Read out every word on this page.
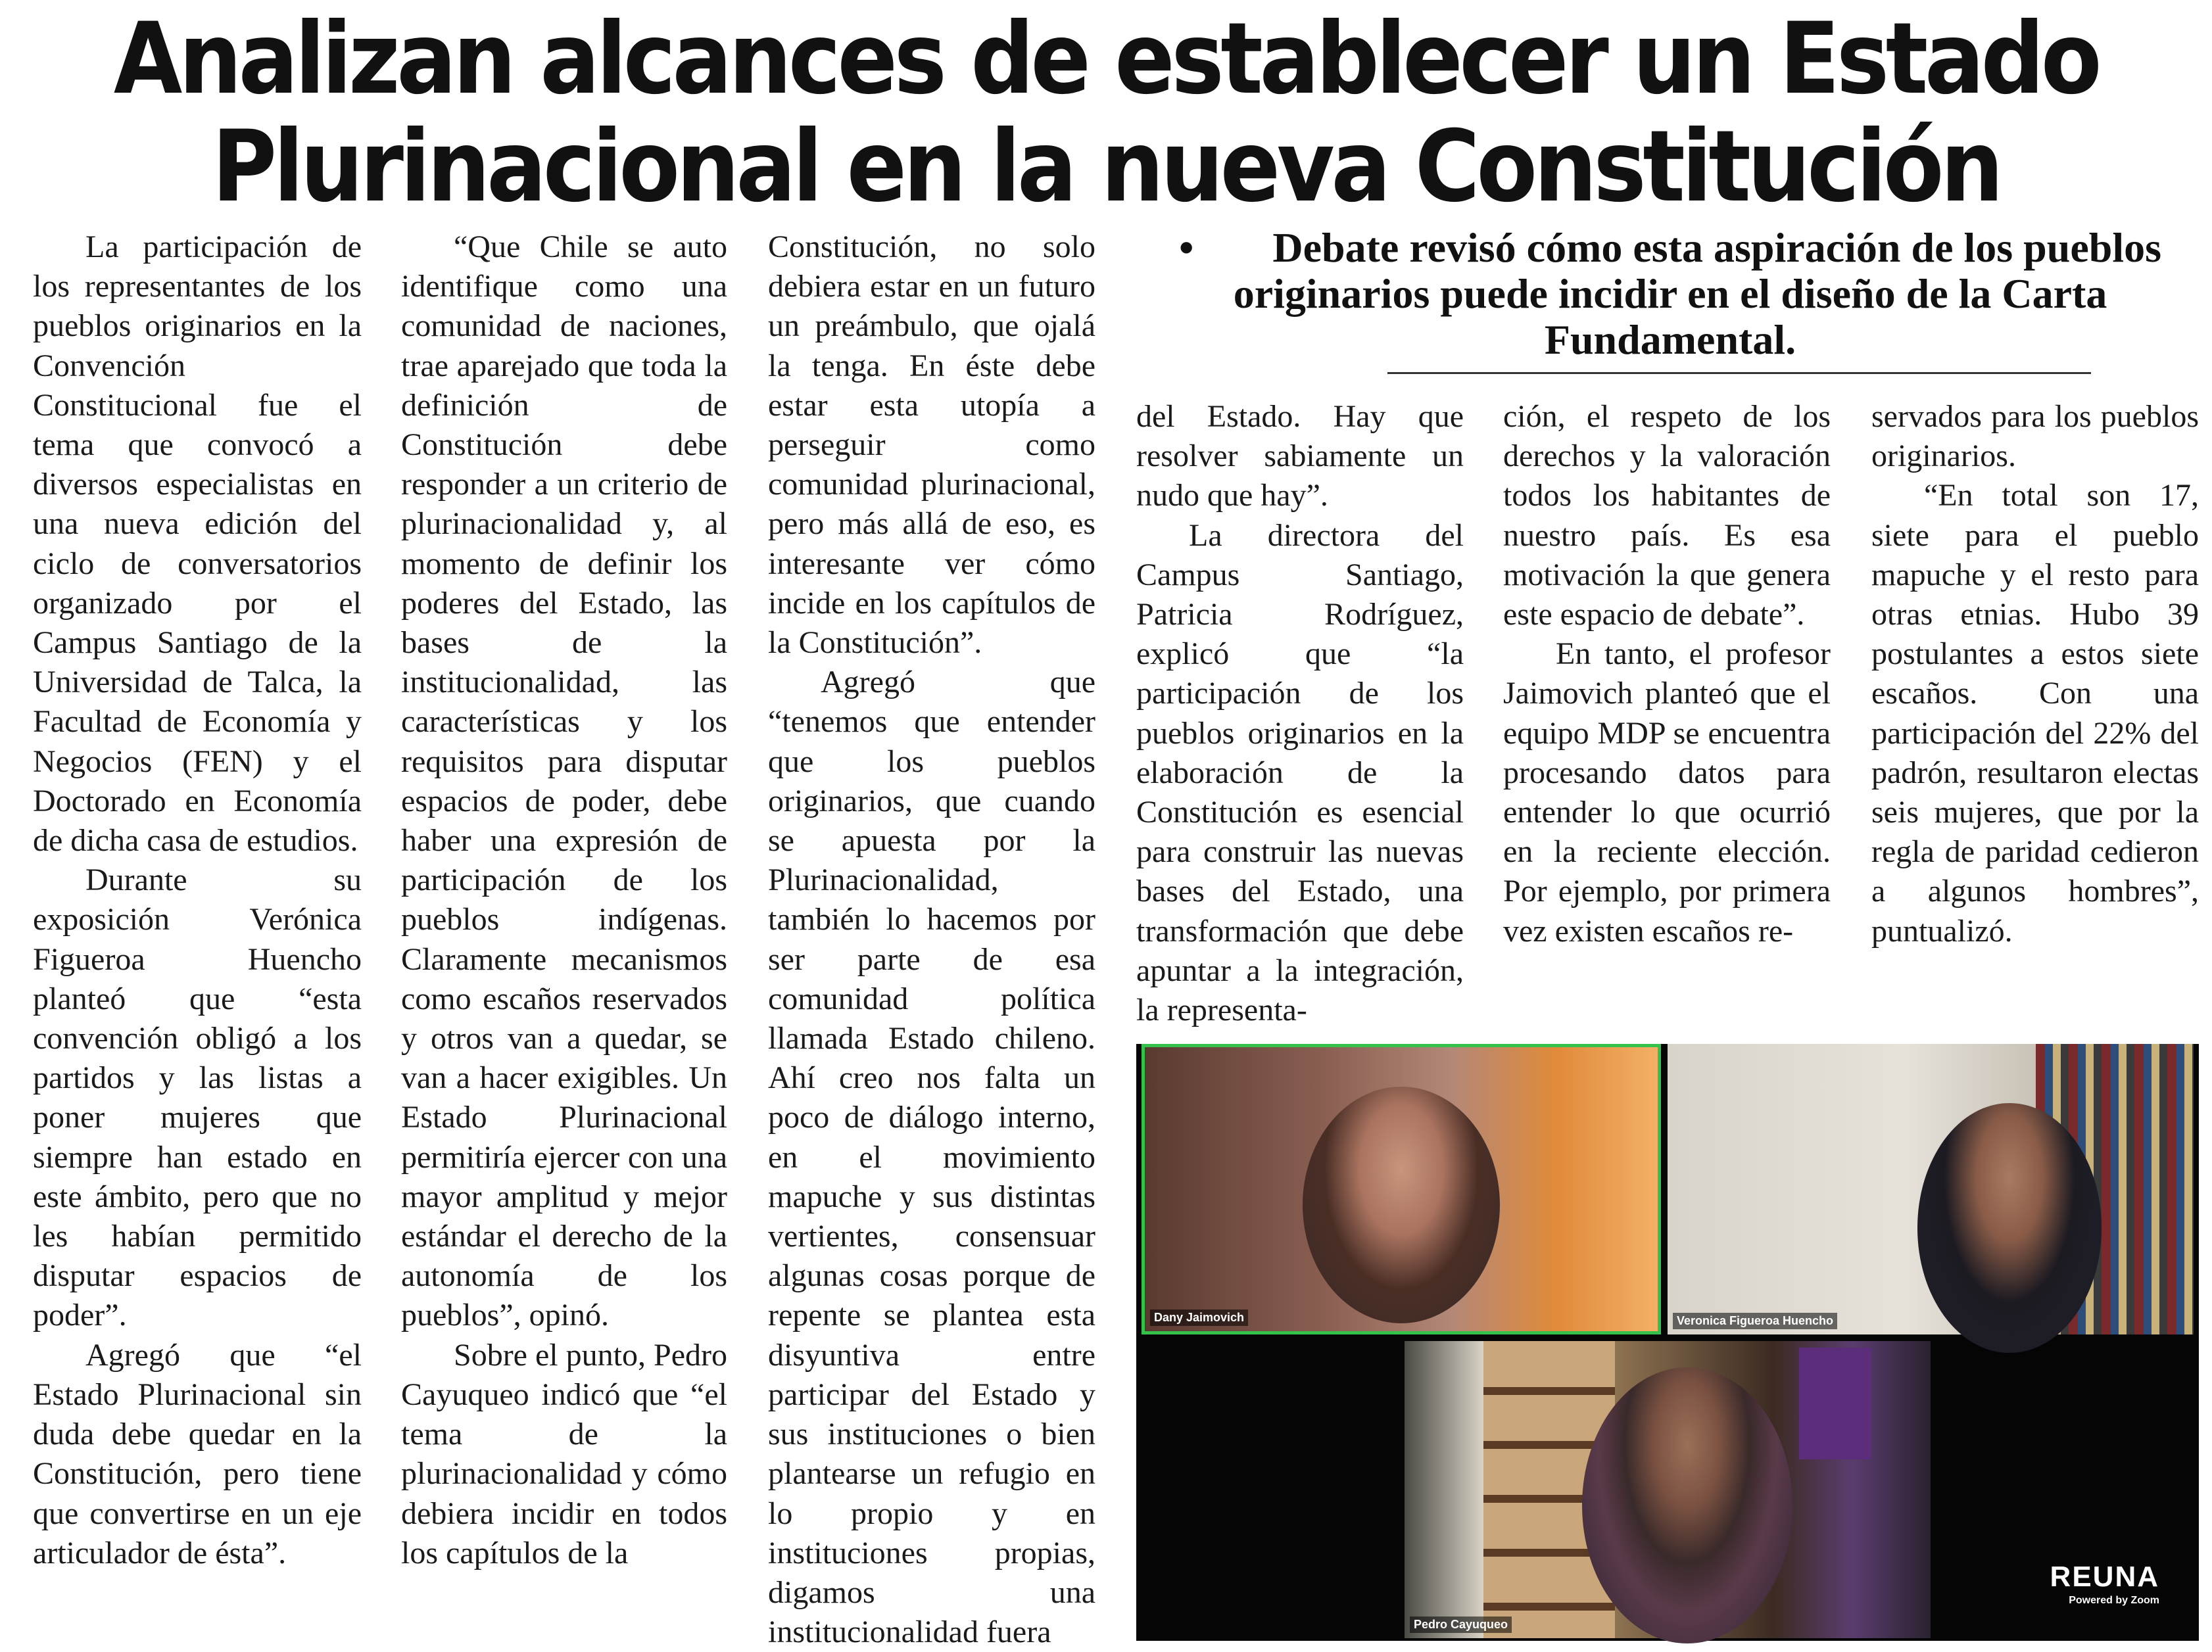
Analizan alcances de establecer un Estado
Plurinacional en la nueva Constitución

La participación de los representantes de los pueblos originarios en la Convención Constitucional fue el tema que convocó a diversos especialistas en una nueva edición del ciclo de conversatorios organizado por el Campus Santiago de la Universidad de Talca, la Facultad de Economía y Negocios (FEN) y el Doctorado en Economía de dicha casa de estudios.

Durante su exposición Verónica Figueroa Huencho planteó que “esta convención obligó a los partidos y las listas a poner mujeres que siempre han estado en este ámbito, pero que no les habían permitido disputar espacios de poder”.

Agregó que “el Estado Plurinacional sin duda debe quedar en la Constitución, pero tiene que convertirse en un eje articulador de ésta”.

“Que Chile se auto identifique como una comunidad de naciones, trae aparejado que toda la definición de Constitución debe responder a un criterio de plurinacionalidad y, al momento de definir los poderes del Estado, las bases de la institucionalidad, las características y los requisitos para disputar espacios de poder, debe haber una expresión de participación de los pueblos indígenas. Claramente mecanismos como escaños reservados y otros van a quedar, se van a hacer exigibles. Un Estado Plurinacional permitiría ejercer con una mayor amplitud y mejor estándar el derecho de la autonomía de los pueblos”, opinó.

Sobre el punto, Pedro Cayuqueo indicó que “el tema de la plurinacionalidad y cómo debiera incidir en todos los capítulos de la

Constitución, no solo debiera estar en un futuro un preámbulo, que ojalá la tenga. En éste debe estar esta utopía a perseguir como comunidad plurinacional, pero más allá de eso, es interesante ver cómo incide en los capítulos de la Constitución”.

Agregó que “tenemos que entender que los pueblos originarios, que cuando se apuesta por la Plurinacionalidad, también lo hacemos por ser parte de esa comunidad política llamada Estado chileno. Ahí creo nos falta un poco de diálogo interno, en el movimiento mapuche y sus distintas vertientes, consensuar algunas cosas porque de repente se plantea esta disyuntiva entre participar del Estado y sus instituciones o bien plantearse un refugio en lo propio y en instituciones propias, digamos una institucionalidad fuera

• Debate revisó cómo esta aspiración de los pueblos originarios puede incidir en el diseño de la Carta Fundamental.

del Estado. Hay que resolver sabiamente un nudo que hay”.

La directora del Campus Santiago, Patricia Rodríguez, explicó que “la participación de los pueblos originarios en la elaboración de la Constitución es esencial para construir las nuevas bases del Estado, una transformación que debe apuntar a la integración, la representa-

ción, el respeto de los derechos y la valoración todos los habitantes de nuestro país. Es esa motivación la que genera este espacio de debate”.

En tanto, el profesor Jaimovich planteó que el equipo MDP se encuentra procesando datos para entender lo que ocurrió en la reciente elección. Por ejemplo, por primera vez existen escaños re-

servados para los pueblos originarios.

“En total son 17, siete para el pueblo mapuche y el resto para otras etnias. Hubo 39 postulantes a estos siete escaños. Con una participación del 22% del padrón, resultaron electas seis mujeres, que por la regla de paridad cedieron a algunos hombres”, puntualizó.

Dany Jaimovich	Veronica Figueroa Huencho
Pedro Cayuqueo
REUNA
Powered by Zoom
